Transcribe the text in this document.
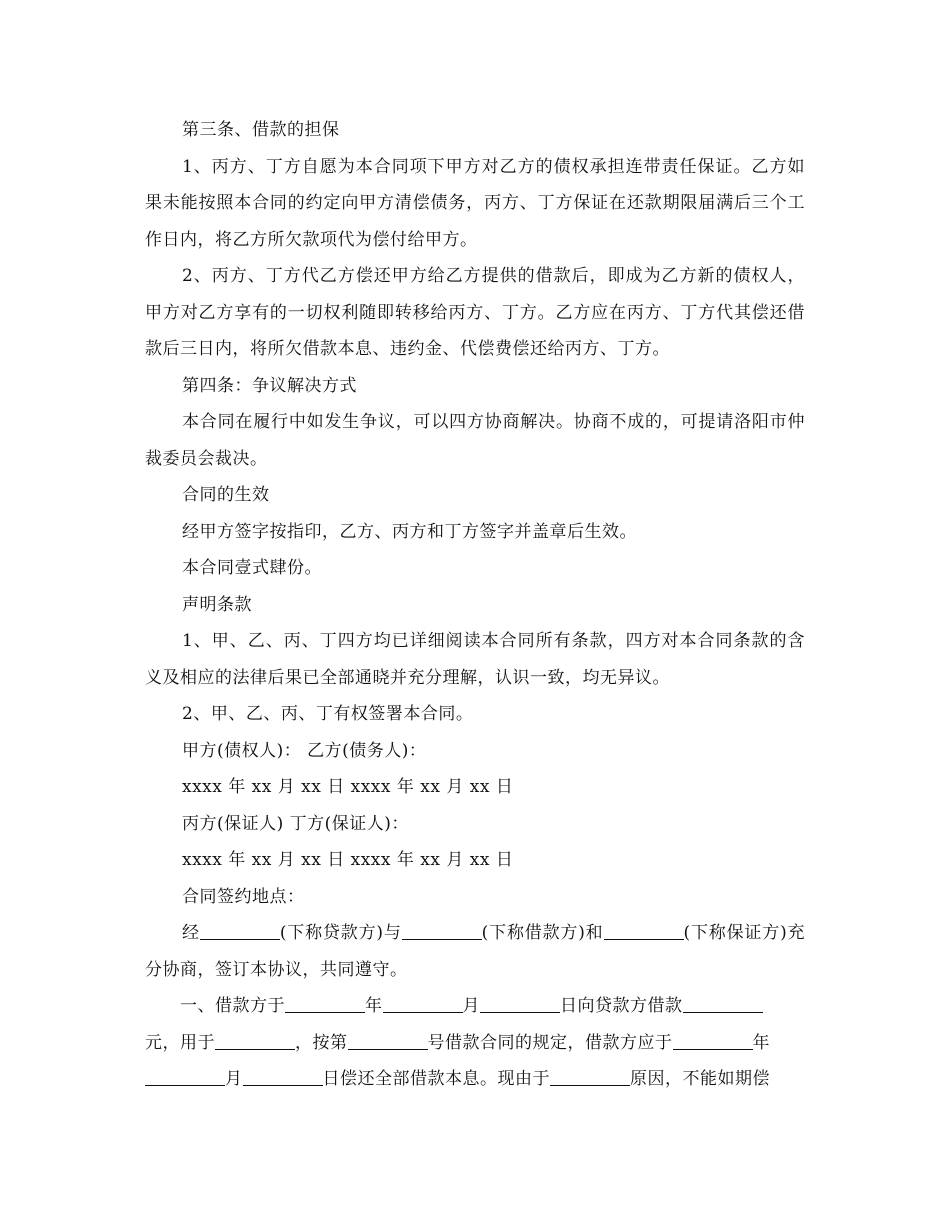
第三条、借款的担保

1、丙方、丁方自愿为本合同项下甲方对乙方的债权承担连带责任保证。乙方如果未能按照本合同的约定向甲方清偿债务，丙方、丁方保证在还款期限届满后三个工作日内，将乙方所欠款项代为偿付给甲方。

2、丙方、丁方代乙方偿还甲方给乙方提供的借款后，即成为乙方新的债权人，甲方对乙方享有的一切权利随即转移给丙方、丁方。乙方应在丙方、丁方代其偿还借款后三日内，将所欠借款本息、违约金、代偿费偿还给丙方、丁方。

第四条：争议解决方式

本合同在履行中如发生争议，可以四方协商解决。协商不成的，可提请洛阳市仲裁委员会裁决。

合同的生效

经甲方签字按指印，乙方、丙方和丁方签字并盖章后生效。

本合同壹式肆份。

声明条款

1、甲、乙、丙、丁四方均已详细阅读本合同所有条款，四方对本合同条款的含义及相应的法律后果已全部通晓并充分理解，认识一致，均无异议。

2、甲、乙、丙、丁有权签署本合同。

甲方(债权人)： 乙方(债务人)：

xxxx 年 xx 月 xx 日 xxxx 年 xx 月 xx 日

丙方(保证人) 丁方(保证人)：

xxxx 年 xx 月 xx 日 xxxx 年 xx 月 xx 日

合同签约地点：

经	(下称贷款方)与	(下称借款方)和	(下称保证方)充分协商，签订本协议，共同遵守。

  一、借款方于	年	月	日向贷款方借款
元，用于	，按第	号借款合同的规定，借款方应于	年
月	日偿还全部借款本息。现由于	原因，不能如期偿
